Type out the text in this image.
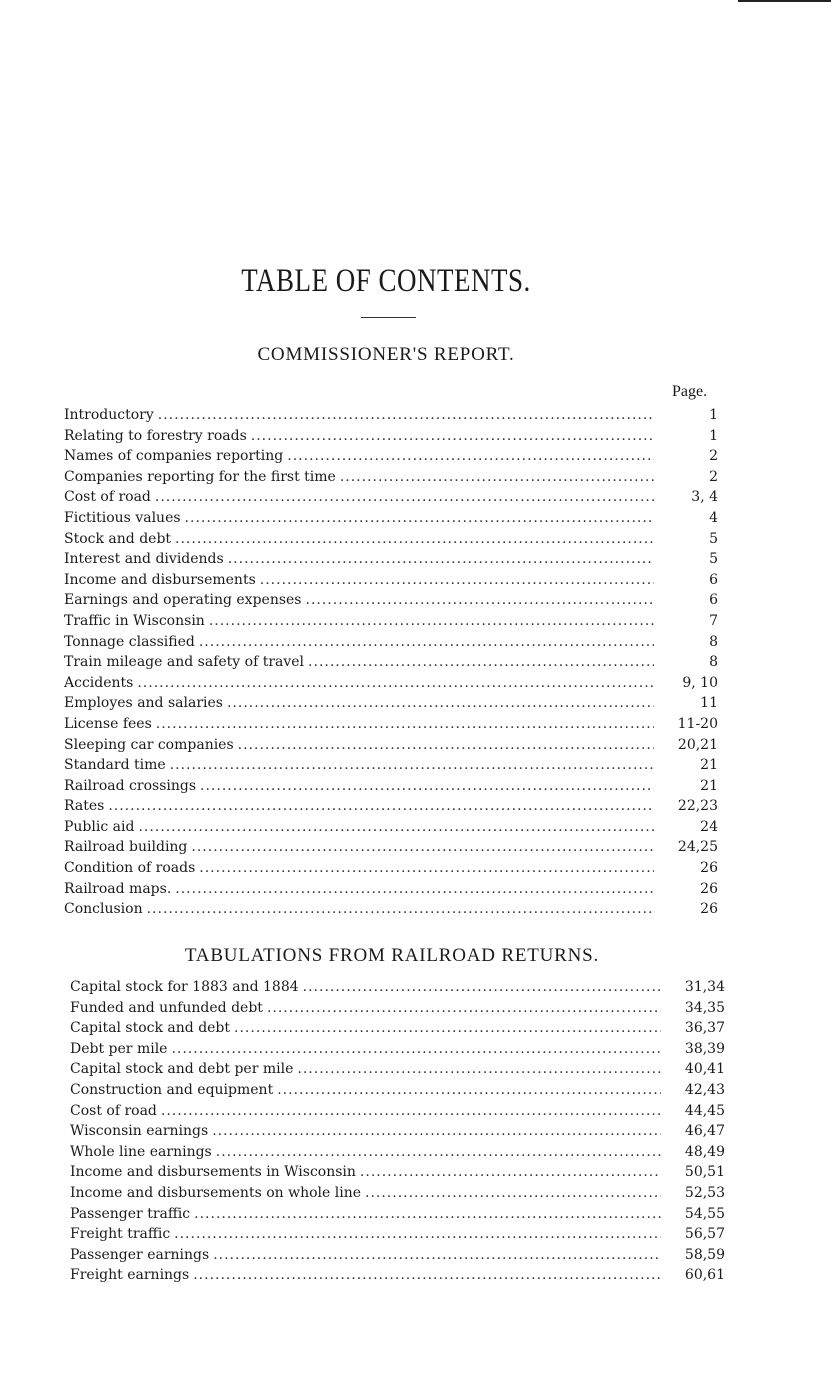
TABLE OF CONTENTS.
COMMISSIONER'S REPORT.
Page.
Introductory .....	1
Relating to forestry roads .....	1
Names of companies reporting .....	2
Companies reporting for the first time .....	2
Cost of road .....	3, 4
Fictitious values .....	4
Stock and debt .....	5
Interest and dividends .....	5
Income and disbursements .....	6
Earnings and operating expenses .....	6
Traffic in Wisconsin .....	7
Tonnage classified .....	8
Train mileage and safety of travel .....	8
Accidents .....	9, 10
Employes and salaries .....	11
License fees .....	11-20
Sleeping car companies .....	20,21
Standard time .....	21
Railroad crossings .....	21
Rates .....	22,23
Public aid .....	24
Railroad building .....	24,25
Condition of roads .....	26
Railroad maps. .....	26
Conclusion .....	26
TABULATIONS FROM RAILROAD RETURNS.
Capital stock for 1883 and 1884 .....	31,34
Funded and unfunded debt .....	34,35
Capital stock and debt .....	36,37
Debt per mile .....	38,39
Capital stock and debt per mile .....	40,41
Construction and equipment .....	42,43
Cost of road .....	44,45
Wisconsin earnings .....	46,47
Whole line earnings .....	48,49
Income and disbursements in Wisconsin .....	50,51
Income and disbursements on whole line .....	52,53
Passenger traffic .....	54,55
Freight traffic .....	56,57
Passenger earnings .....	58,59
Freight earnings .....	60,61
